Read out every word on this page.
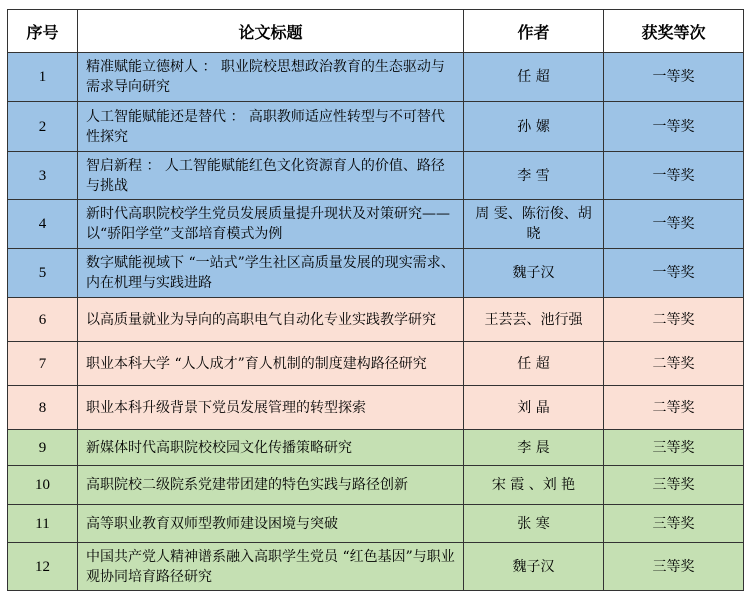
序号	论文标题	作者	获奖等次
1	精准赋能立德树人 ： 职业院校思想政治教育的生态驱动与需求导向研究	任 超	一等奖
2	人工智能赋能还是替代 ： 高职教师适应性转型与不可替代性探究	孙 嫘	一等奖
3	智启新程 ： 人工智能赋能红色文化资源育人的价值、路径与挑战	李 雪	一等奖
4	新时代高职院校学生党员发展质量提升现状及对策研究——以“骄阳学堂”支部培育模式为例	周 雯、陈衍俊、胡 晓	一等奖
5	数字赋能视域下 “一站式”学生社区高质量发展的现实需求、内在机理与实践进路	魏子汉	一等奖
6	以高质量就业为导向的高职电气自动化专业实践教学研究	王芸芸、池行强	二等奖
7	职业本科大学 “人人成才”育人机制的制度建构路径研究	任 超	二等奖
8	职业本科升级背景下党员发展管理的转型探索	刘 晶	二等奖
9	新媒体时代高职院校校园文化传播策略研究	李 晨	三等奖
10	高职院校二级院系党建带团建的特色实践与路径创新	宋 霞 、刘 艳	三等奖
11	高等职业教育双师型教师建设困境与突破	张 寒	三等奖
12	中国共产党人精神谱系融入高职学生党员 “红色基因”与职业观协同培育路径研究	魏子汉	三等奖
